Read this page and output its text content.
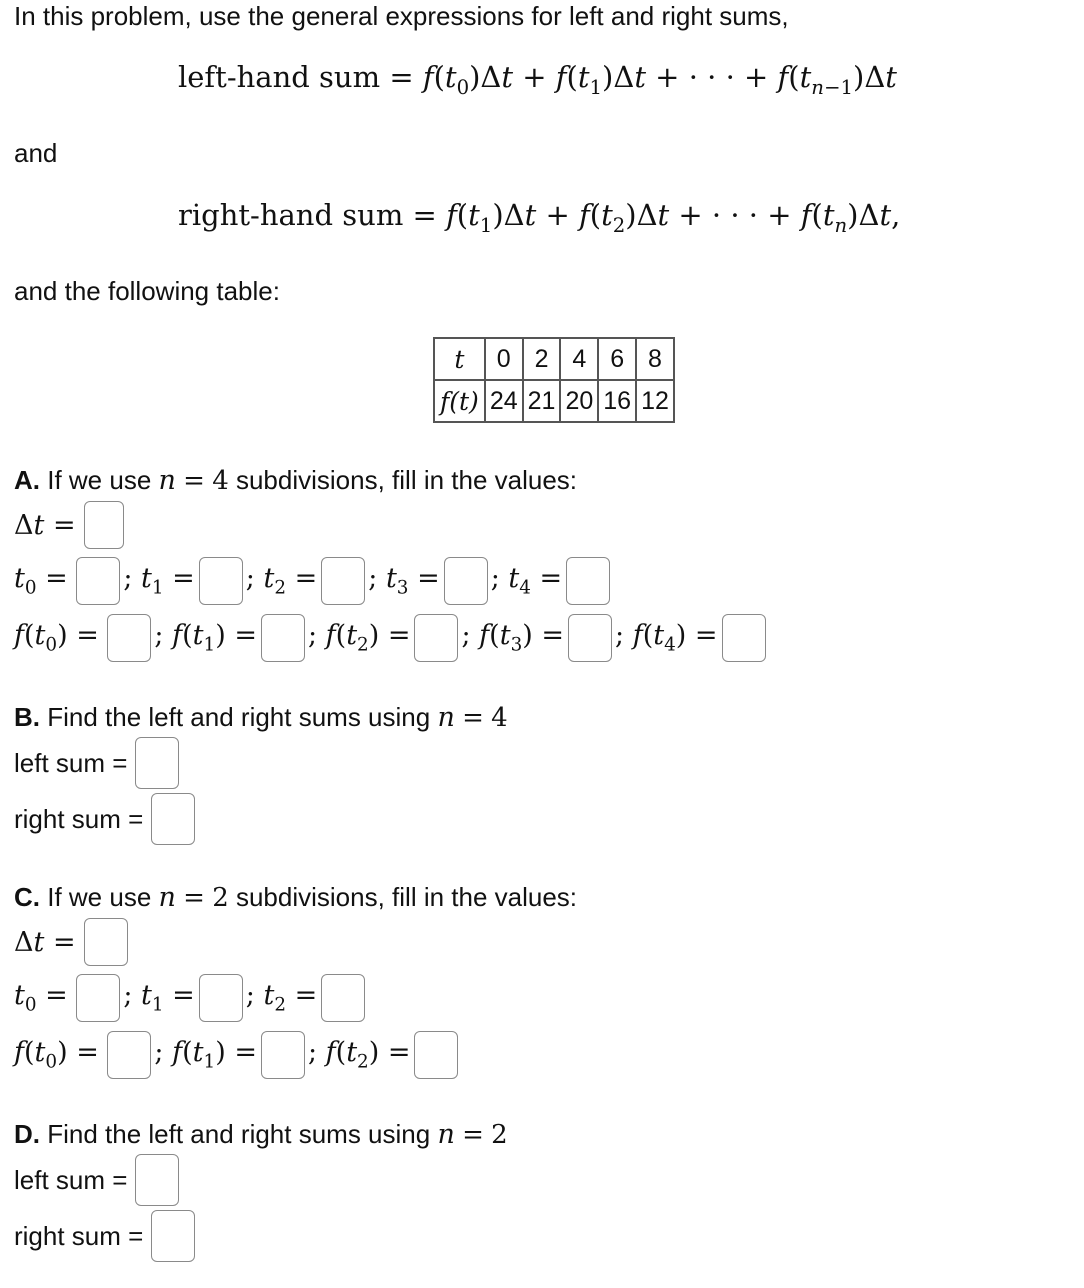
In this problem, use the general expressions for left and right sums,
left-hand sum = $f(t_0)\Delta t + f(t_1)\Delta t$ + · · · + $f(t_{n-1})\Delta t$
and
right-hand sum = $f(t_1)\Delta t + f(t_2)\Delta t$ + · · · + $f(t_n)\Delta t$,
and the following table:
t	0	2	4	6	8
f(t)	24	21	20	16	12
A. If we use n = 4 subdivisions, fill in the values:
Δt =
$t_0$ = ; $t_1$ = ; $t_2$ = ; $t_3$ = ; $t_4$ =
$f(t_0)$ = ; $f(t_1)$ = ; $f(t_2)$ = ; $f(t_3)$ = ; $f(t_4)$ =
B. Find the left and right sums using n = 4
left sum =

right sum =

C. If we use n = 2 subdivisions, fill in the values:
Δt =
$t_0$ = ; $t_1$ = ; $t_2$ =
$f(t_0)$ = ; $f(t_1)$ = ; $f(t_2)$ =
D. Find the left and right sums using n = 2
left sum =

right sum =
